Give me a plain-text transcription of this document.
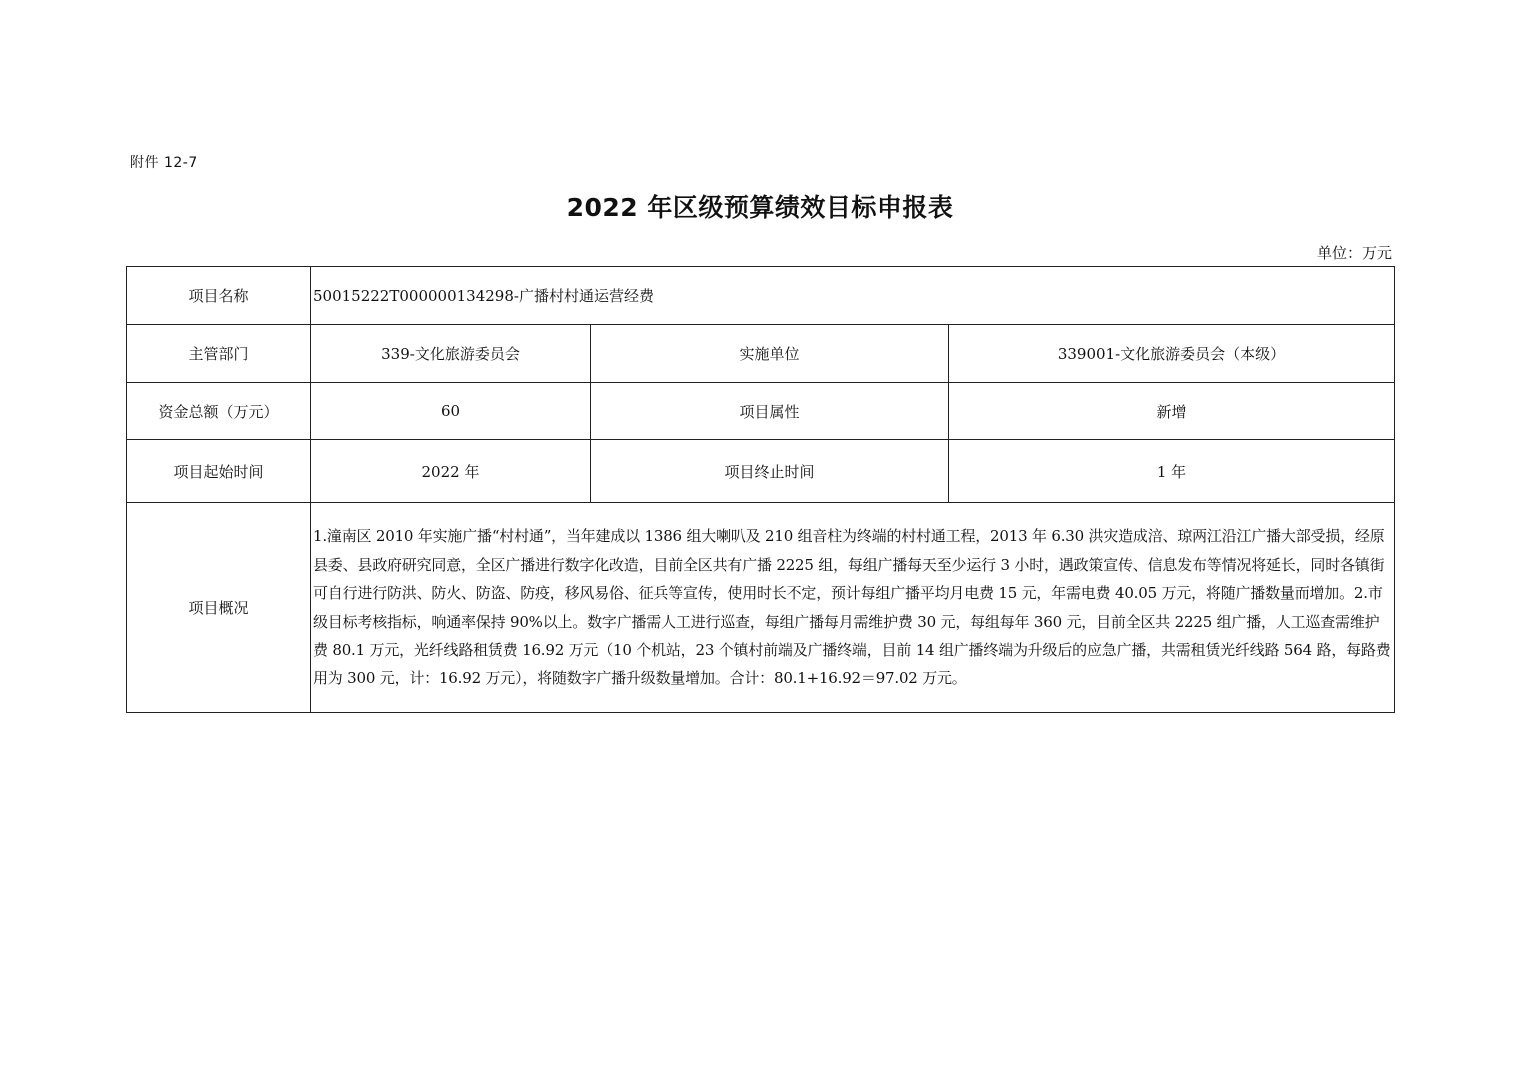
附件 12-7
2022 年区级预算绩效目标申报表
单位：万元
项目名称	50015222T000000134298-广播村村通运营经费		
主管部门	339-文化旅游委员会	实施单位	339001-文化旅游委员会（本级）
资金总额（万元）	60	项目属性	新增
项目起始时间	2022 年	项目终止时间	1 年
项目概况	1.潼南区 2010 年实施广播“村村通”，当年建成以 1386 组大喇叭及 210 组音柱为终端的村村通工程，2013 年 6.30 洪灾造成涪、琼两江沿江广播大部受损，经原县委、县政府研究同意，全区广播进行数字化改造，目前全区共有广播 2225 组，每组广播每天至少运行 3 小时，遇政策宣传、信息发布等情况将延长，同时各镇街可自行进行防洪、防火、防盗、防疫，移风易俗、征兵等宣传，使用时长不定，预计每组广播平均月电费 15 元，年需电费 40.05 万元，将随广播数量而增加。2.市级目标考核指标，响通率保持 90%以上。数字广播需人工进行巡查，每组广播每月需维护费 30 元，每组每年 360 元，目前全区共 2225 组广播，人工巡查需维护费 80.1 万元，光纤线路租赁费 16.92 万元（10 个机站，23 个镇村前端及广播终端，目前 14 组广播终端为升级后的应急广播，共需租赁光纤线路 564 路，每路费用为 300 元，计：16.92 万元），将随数字广播升级数量增加。合计：80.1+16.92＝97.02 万元。		
